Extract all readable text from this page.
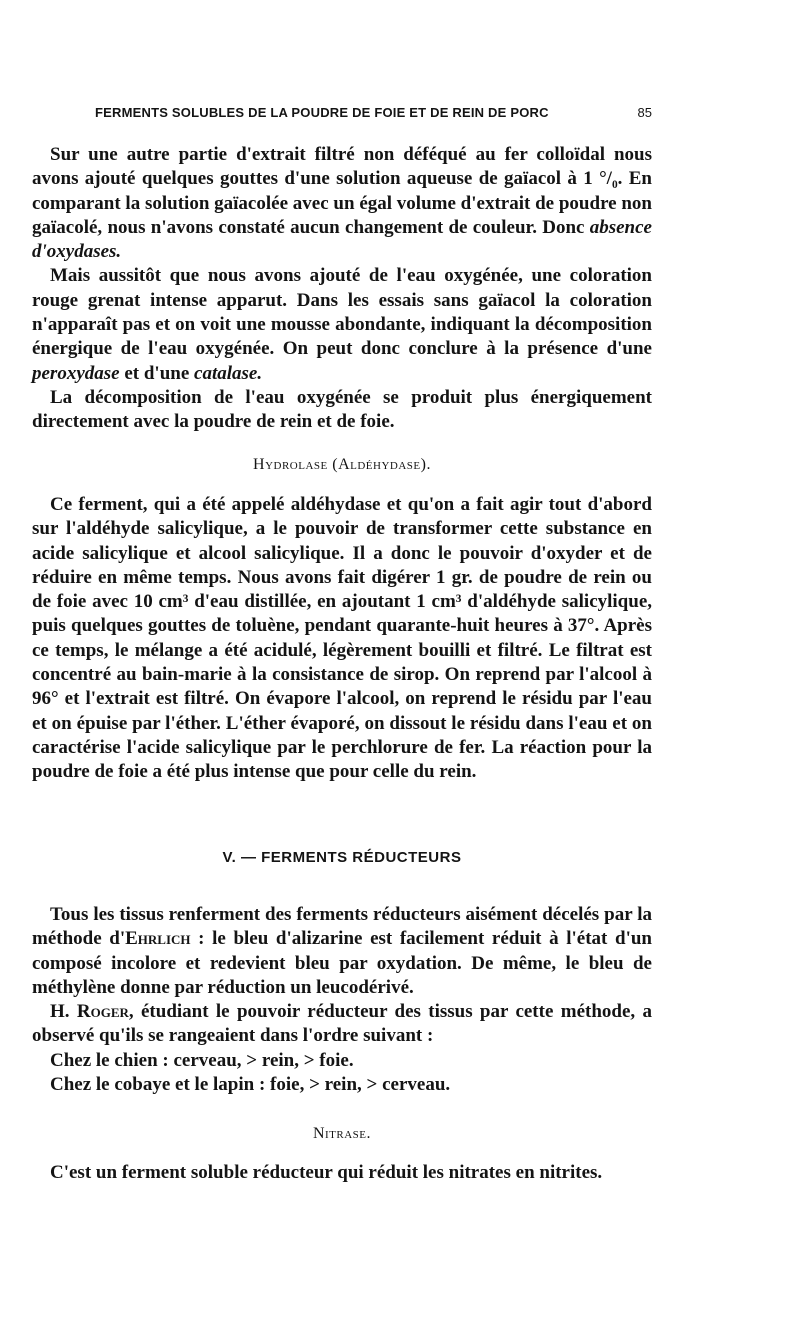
FERMENTS SOLUBLES DE LA POUDRE DE FOIE ET DE REIN DE PORC	85

Sur une autre partie d'extrait filtré non déféqué au fer colloïdal nous avons ajouté quelques gouttes d'une solution aqueuse de gaïacol à 1 °/₀. En comparant la solution gaïacolée avec un égal volume d'extrait de poudre non gaïacolé, nous n'avons constaté aucun changement de couleur. Donc absence d'oxydases.

Mais aussitôt que nous avons ajouté de l'eau oxygénée, une coloration rouge grenat intense apparut. Dans les essais sans gaïacol la coloration n'apparaît pas et on voit une mousse abondante, indiquant la décomposition énergique de l'eau oxygénée. On peut donc conclure à la présence d'une peroxydase et d'une catalase.

La décomposition de l'eau oxygénée se produit plus énergiquement directement avec la poudre de rein et de foie.

Hydrolase (Aldéhydase).

Ce ferment, qui a été appelé aldéhydase et qu'on a fait agir tout d'abord sur l'aldéhyde salicylique, a le pouvoir de transformer cette substance en acide salicylique et alcool salicylique. Il a donc le pouvoir d'oxyder et de réduire en même temps. Nous avons fait digérer 1 gr. de poudre de rein ou de foie avec 10 cm³ d'eau distillée, en ajoutant 1 cm³ d'aldéhyde salicylique, puis quelques gouttes de toluène, pendant quarante-huit heures à 37°. Après ce temps, le mélange a été acidulé, légèrement bouilli et filtré. Le filtrat est concentré au bain-marie à la consistance de sirop. On reprend par l'alcool à 96° et l'extrait est filtré. On évapore l'alcool, on reprend le résidu par l'eau et on épuise par l'éther. L'éther évaporé, on dissout le résidu dans l'eau et on caractérise l'acide salicylique par le perchlorure de fer. La réaction pour la poudre de foie a été plus intense que pour celle du rein.

V. — FERMENTS RÉDUCTEURS

Tous les tissus renferment des ferments réducteurs aisément décelés par la méthode d'Ehrlich : le bleu d'alizarine est facilement réduit à l'état d'un composé incolore et redevient bleu par oxydation. De même, le bleu de méthylène donne par réduction un leucodérivé.

H. Roger, étudiant le pouvoir réducteur des tissus par cette méthode, a observé qu'ils se rangeaient dans l'ordre suivant :

Chez le chien : cerveau, > rein, > foie.

Chez le cobaye et le lapin : foie, > rein, > cerveau.

Nitrase.

C'est un ferment soluble réducteur qui réduit les nitrates en nitrites.
